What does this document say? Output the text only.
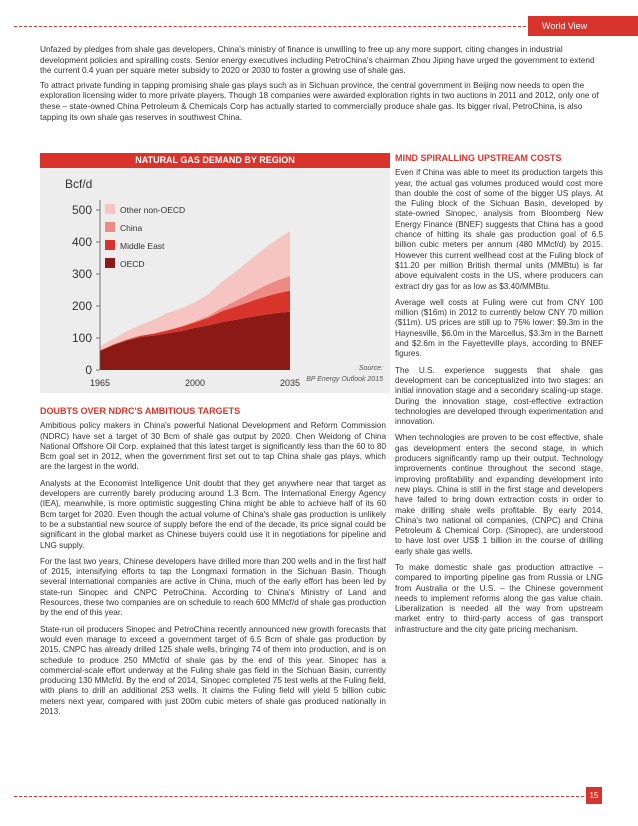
World View

Unfazed by pledges from shale gas developers, China's ministry of finance is unwilling to free up any more support, citing changes in industrial development policies and spiralling costs. Senior energy executives including PetroChina's chairman Zhou Jiping have urged the government to extend the current 0.4 yuan per square meter subsidy to 2020 or 2030 to foster a growing use of shale gas.

To attract private funding in tapping promising shale gas plays such as in Sichuan province, the central government in Beijing now needs to open the exploration licensing wider to more private players. Though 18 companies were awarded exploration rights in two auctions in 2011 and 2012, only one of these – state-owned China Petroleum & Chemicals Corp has actually started to commercially produce shale gas. Its bigger rival, PetroChina, is also tapping its own shale gas reserves in southwest China.

NATURAL GAS DEMAND BY REGION
0
100
200
300
400
500
Bcf/d
1965	2000	2035
Other non-OECD
China
Middle East
OECD
Source:
BP Energy Outlook 2015
DOUBTS OVER NDRC'S AMBITIOUS TARGETS

Ambitious policy makers in China's powerful National Development and Reform Commission (NDRC) have set a target of 30 Bcm of shale gas output by 2020. Chen Weidong of China National Offshore Oil Corp. explained that this latest target is significantly less than the 60 to 80 Bcm goal set in 2012, when the government first set out to tap China shale gas plays, which are the largest in the world.

Analysts at the Economist Intelligence Unit doubt that they get anywhere near that target as developers are currently barely producing around 1.3 Bcm. The International Energy Agency (IEA), meanwhile, is more optimistic suggesting China might be able to achieve half of its 60 Bcm target for 2020. Even though the actual volume of China's shale gas production is unlikely to be a substantial new source of supply before the end of the decade, its price signal could be significant in the global market as Chinese buyers could use it in negotiations for pipeline and LNG supply.

For the last two years, Chinese developers have drilled more than 200 wells and in the first half of 2015, intensifying efforts to tap the Longmaxi formation in the Sichuan Basin. Though several international companies are active in China, much of the early effort has been led by state-run Sinopec and CNPC PetroChina. According to China's Ministry of Land and Resources, these two companies are on schedule to reach 600 MMcf/d of shale gas production by the end of this year.

State-run oil producers Sinopec and PetroChina recently announced new growth forecasts that would even manage to exceed a government target of 6.5 Bcm of shale gas production by 2015. CNPC has already drilled 125 shale wells, bringing 74 of them into production, and is on schedule to produce 250 MMcf/d of shale gas by the end of this year. Sinopec has a commercial-scale effort underway at the Fuling shale gas field in the Sichuan Basin, currently producing 130 MMcf/d. By the end of 2014, Sinopec completed 75 test wells at the Fuling field, with plans to drill an additional 253 wells. It claims the Fuling field will yield 5 billion cubic meters next year, compared with just 200m cubic meters of shale gas produced nationally in 2013.

MIND SPIRALLING UPSTREAM COSTS

Even if China was able to meet its production targets this year, the actual gas volumes produced would cost more than double the cost of some of the bigger US plays. At the Fuling block of the Sichuan Basin, developed by state-owned Sinopec, analysis from Bloomberg New Energy Finance (BNEF) suggests that China has a good chance of hitting its shale gas production goal of 6.5 billion cubic meters per annum (480 MMcf/d) by 2015. However this current wellhead cost at the Fuling block of $11.20 per million British thermal units (MMBtu) is far above equivalent costs in the US, where producers can extract dry gas for as low as $3.40/MMBtu.

Average well costs at Fuling were cut from CNY 100 million ($16m) in 2012 to currently below CNY 70 million ($11m). US prices are still up to 75% lower: $9.3m in the Haynesville, $6.0m in the Marcellus, $3.3m in the Barnett and $2.6m in the Fayetteville plays, according to BNEF figures.

The U.S. experience suggests that shale gas development can be conceptualized into two stages: an initial innovation stage and a secondary scaling-up stage. During the innovation stage, cost-effective extraction technologies are developed through experimentation and innovation.

When technologies are proven to be cost effective, shale gas development enters the second stage, in which producers significantly ramp up their output. Technology improvements continue throughout the second stage, improving profitability and expanding development into new plays. China is still in the first stage and developers have failed to bring down extraction costs in order to make drilling shale wells profitable. By early 2014, China's two national oil companies, (CNPC) and China Petroleum & Chemical Corp. (Sinopec), are understood to have lost over US$ 1 billion in the course of drilling early shale gas wells.

To make domestic shale gas production attractive – compared to importing pipeline gas from Russia or LNG from Australia or the U.S. – the Chinese government needs to implement reforms along the gas value chain. Liberalization is needed all the way from upstream market entry to third-party access of gas transport infrastructure and the city gate pricing mechanism.

15
